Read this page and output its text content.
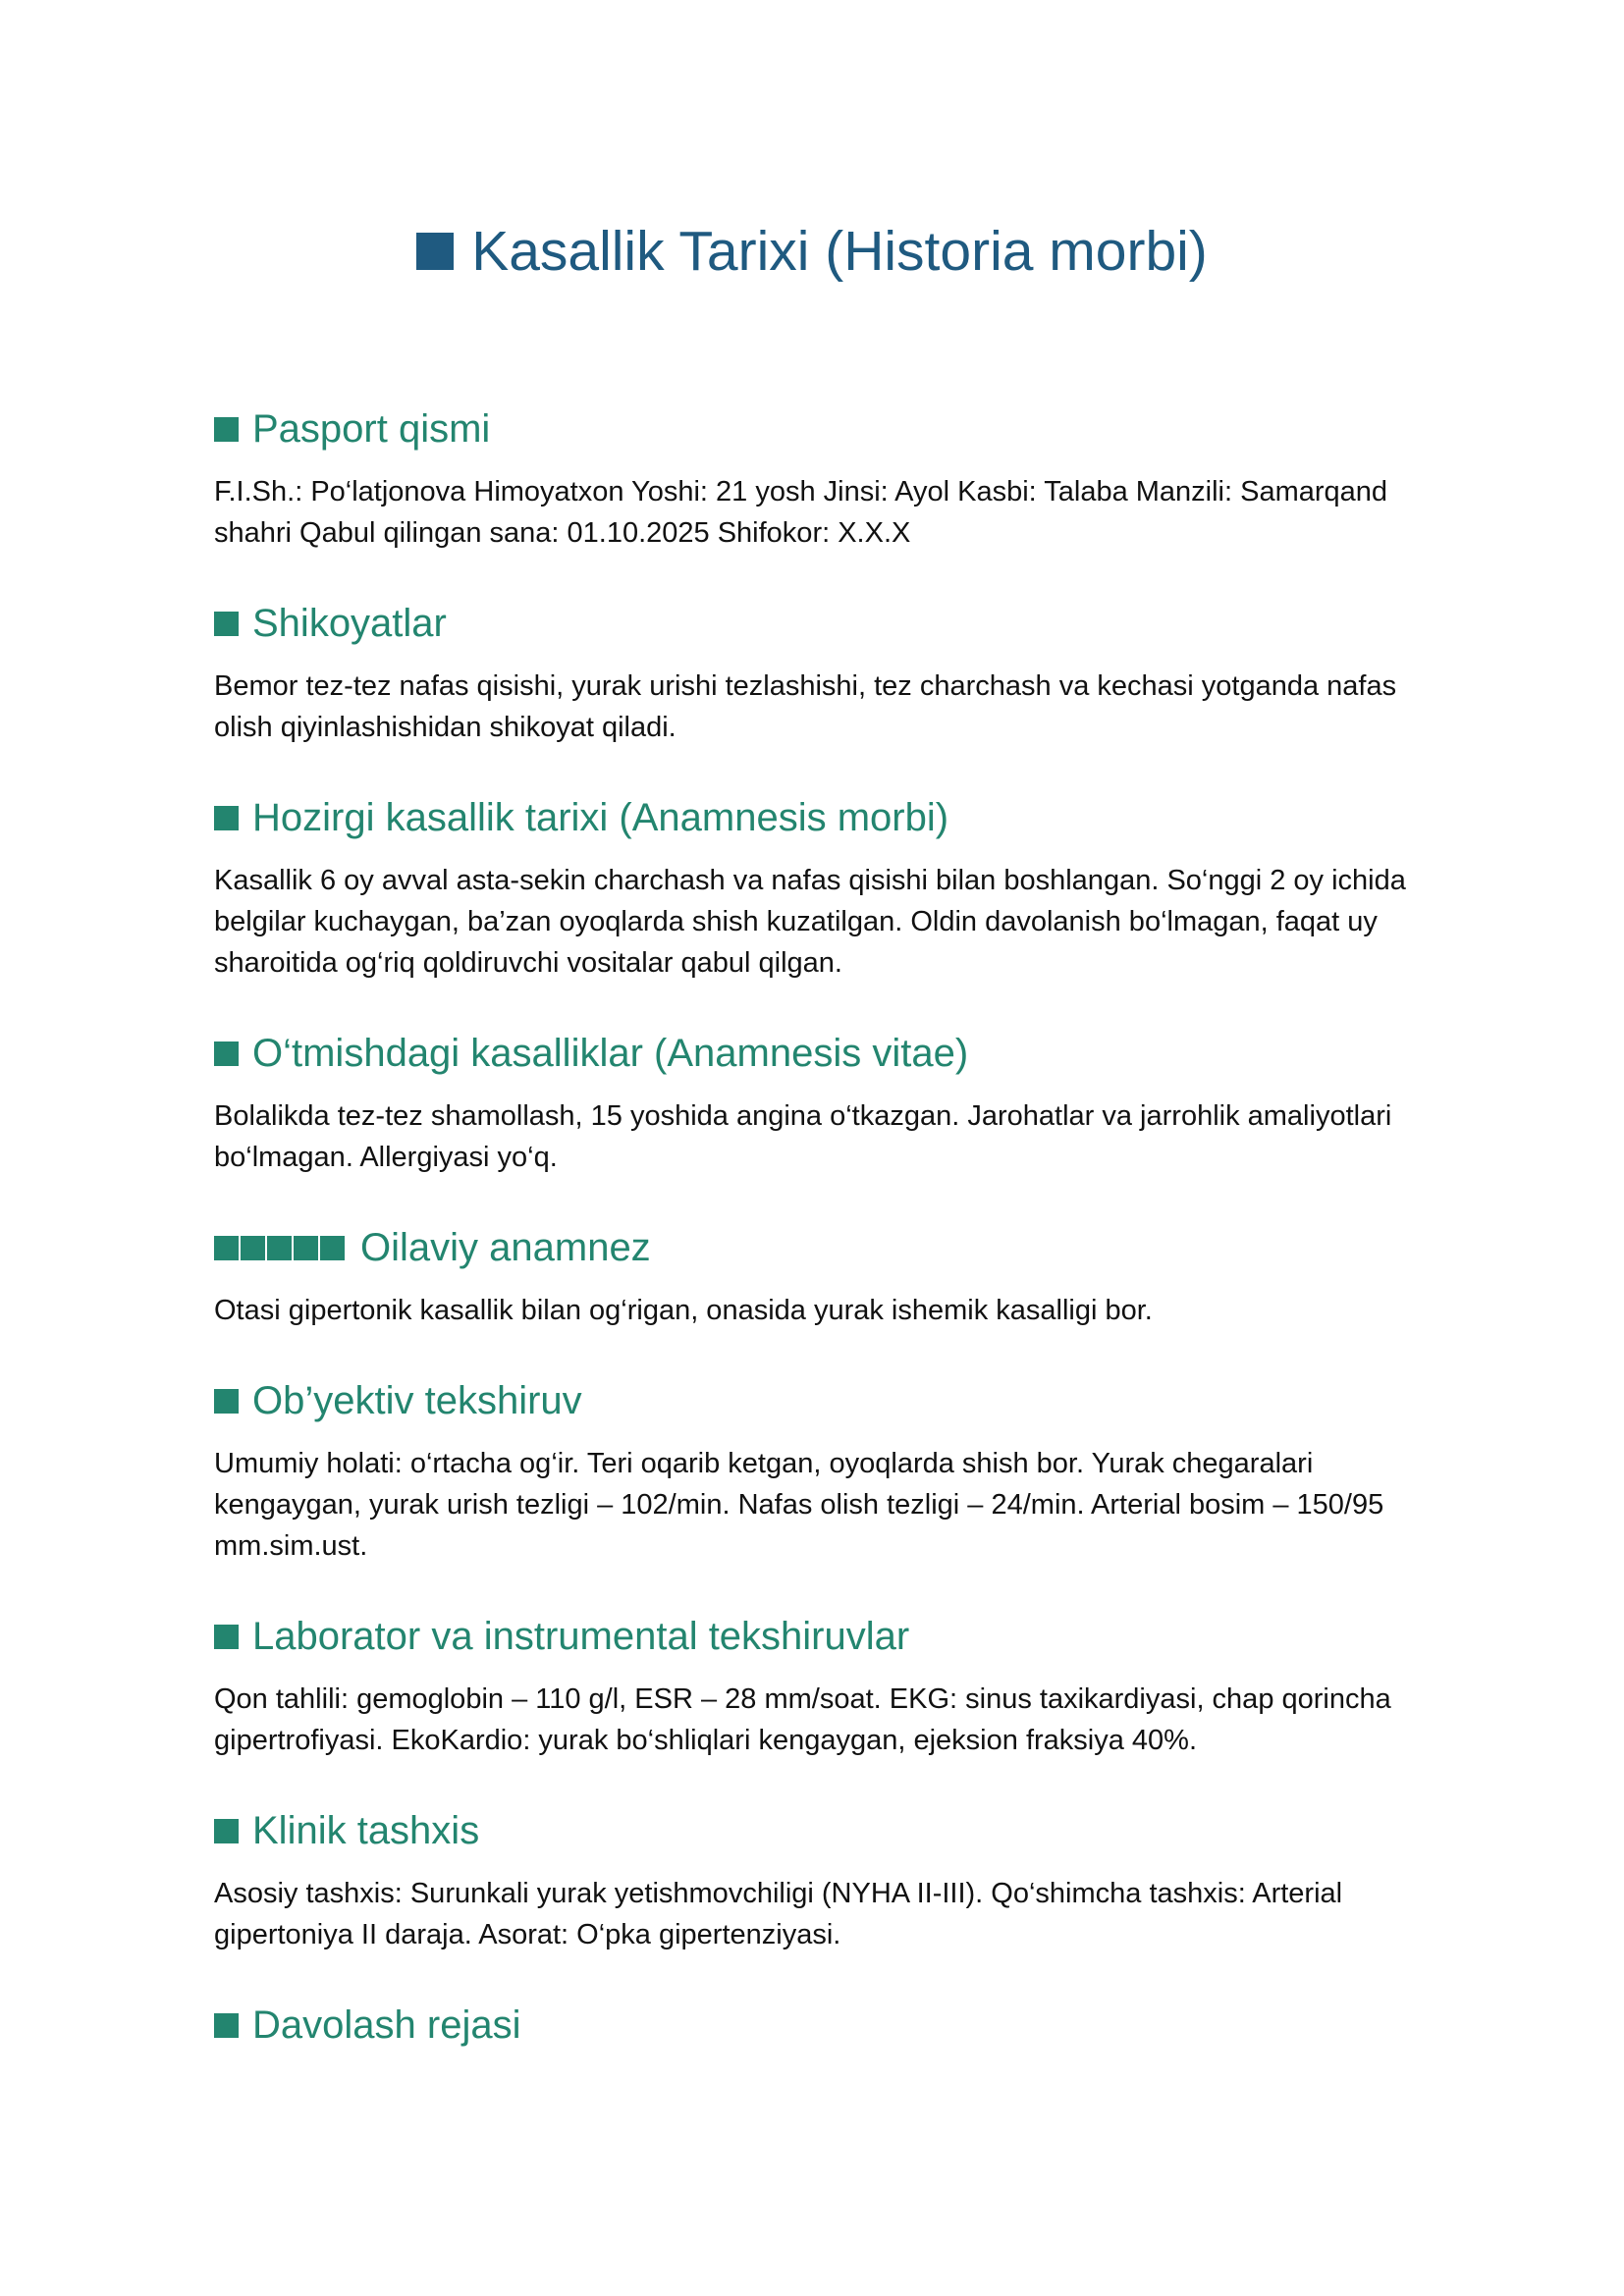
Kasallik Tarixi (Historia morbi)
Pasport qismi

F.I.Sh.: Po‘latjonova Himoyatxon Yoshi: 21 yosh Jinsi: Ayol Kasbi: Talaba Manzili: Samarqand shahri Qabul qilingan sana: 01.10.2025 Shifokor: X.X.X

Shikoyatlar

Bemor tez-tez nafas qisishi, yurak urishi tezlashishi, tez charchash va kechasi yotganda nafas olish qiyinlashishidan shikoyat qiladi.

Hozirgi kasallik tarixi (Anamnesis morbi)

Kasallik 6 oy avval asta-sekin charchash va nafas qisishi bilan boshlangan. So‘nggi 2 oy ichida belgilar kuchaygan, ba’zan oyoqlarda shish kuzatilgan. Oldin davolanish bo‘lmagan, faqat uy sharoitida og‘riq qoldiruvchi vositalar qabul qilgan.

O‘tmishdagi kasalliklar (Anamnesis vitae)

Bolalikda tez-tez shamollash, 15 yoshida angina o‘tkazgan. Jarohatlar va jarrohlik amaliyotlari bo‘lmagan. Allergiyasi yo‘q.

Oilaviy anamnez

Otasi gipertonik kasallik bilan og‘rigan, onasida yurak ishemik kasalligi bor.

Ob’yektiv tekshiruv

Umumiy holati: o‘rtacha og‘ir. Teri oqarib ketgan, oyoqlarda shish bor. Yurak chegaralari kengaygan, yurak urish tezligi – 102/min. Nafas olish tezligi – 24/min. Arterial bosim – 150/95 mm.sim.ust.

Laborator va instrumental tekshiruvlar

Qon tahlili: gemoglobin – 110 g/l, ESR – 28 mm/soat. EKG: sinus taxikardiyasi, chap qorincha gipertrofiyasi. EkoKardio: yurak bo‘shliqlari kengaygan, ejeksion fraksiya 40%.

Klinik tashxis

Asosiy tashxis: Surunkali yurak yetishmovchiligi (NYHA II-III). Qo‘shimcha tashxis: Arterial gipertoniya II daraja. Asorat: O‘pka gipertenziyasi.

Davolash rejasi
